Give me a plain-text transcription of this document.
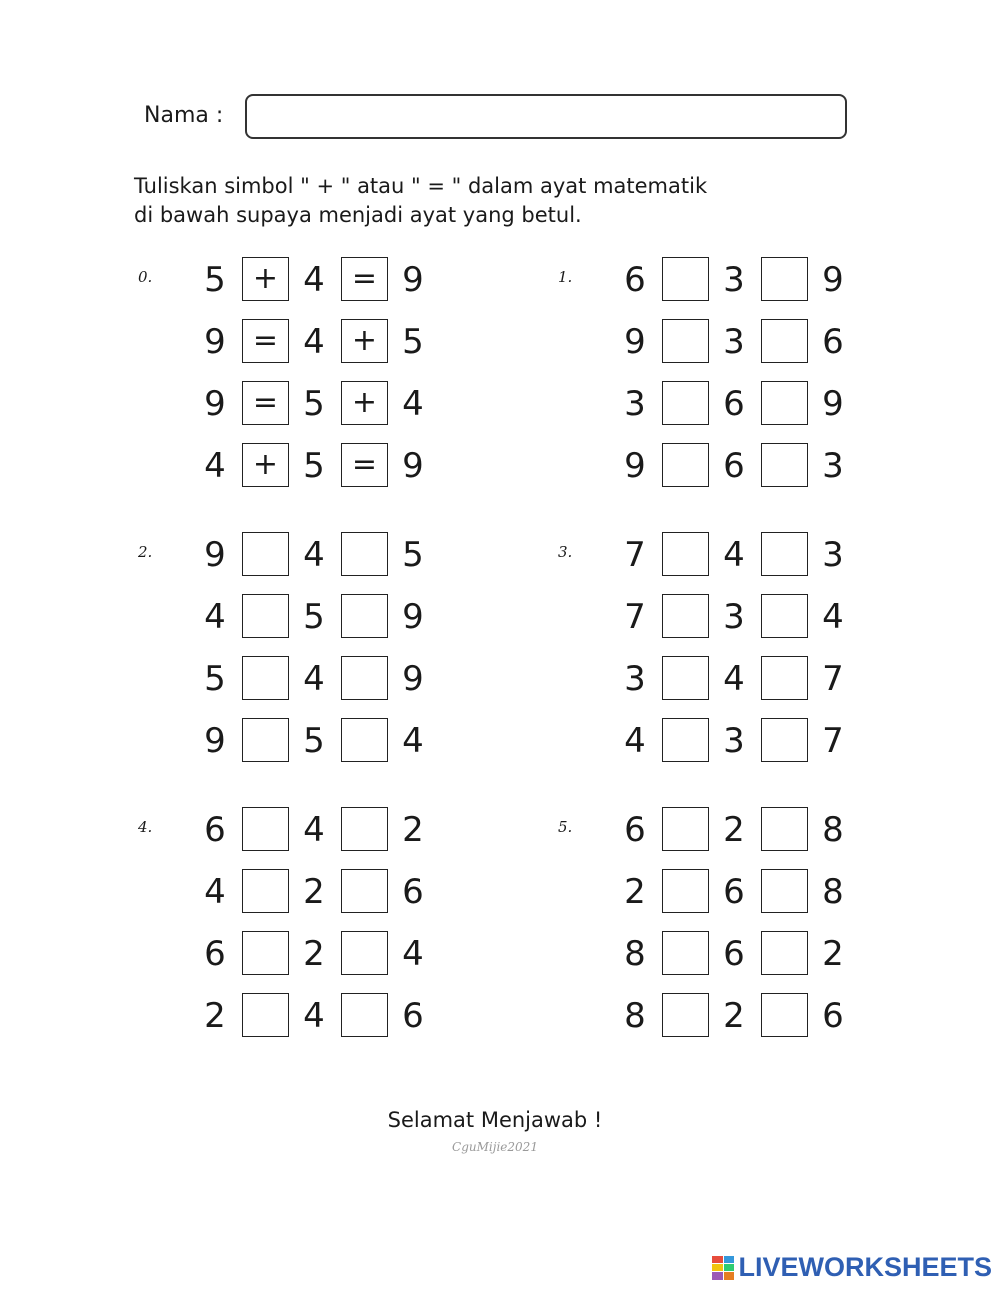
Nama :
Tuliskan simbol " + " atau " = " dalam ayat matematik
di bawah supaya menjadi ayat yang betul.
0. 5 + 4 = 9
9 = 4 + 5
9 = 5 + 4
4 + 5 = 9
1. 6 3 9
9 3 6
3 6 9
9 6 3
2. 9 4 5
4 5 9
5 4 9
9 5 4
3. 7 4 3
7 3 4
3 4 7
4 3 7
4. 6 4 2
4 2 6
6 2 4
2 4 6
5. 6 2 8
2 6 8
8 6 2
8 2 6
Selamat Menjawab !
CguMijie2021
LIVEWORKSHEETS
